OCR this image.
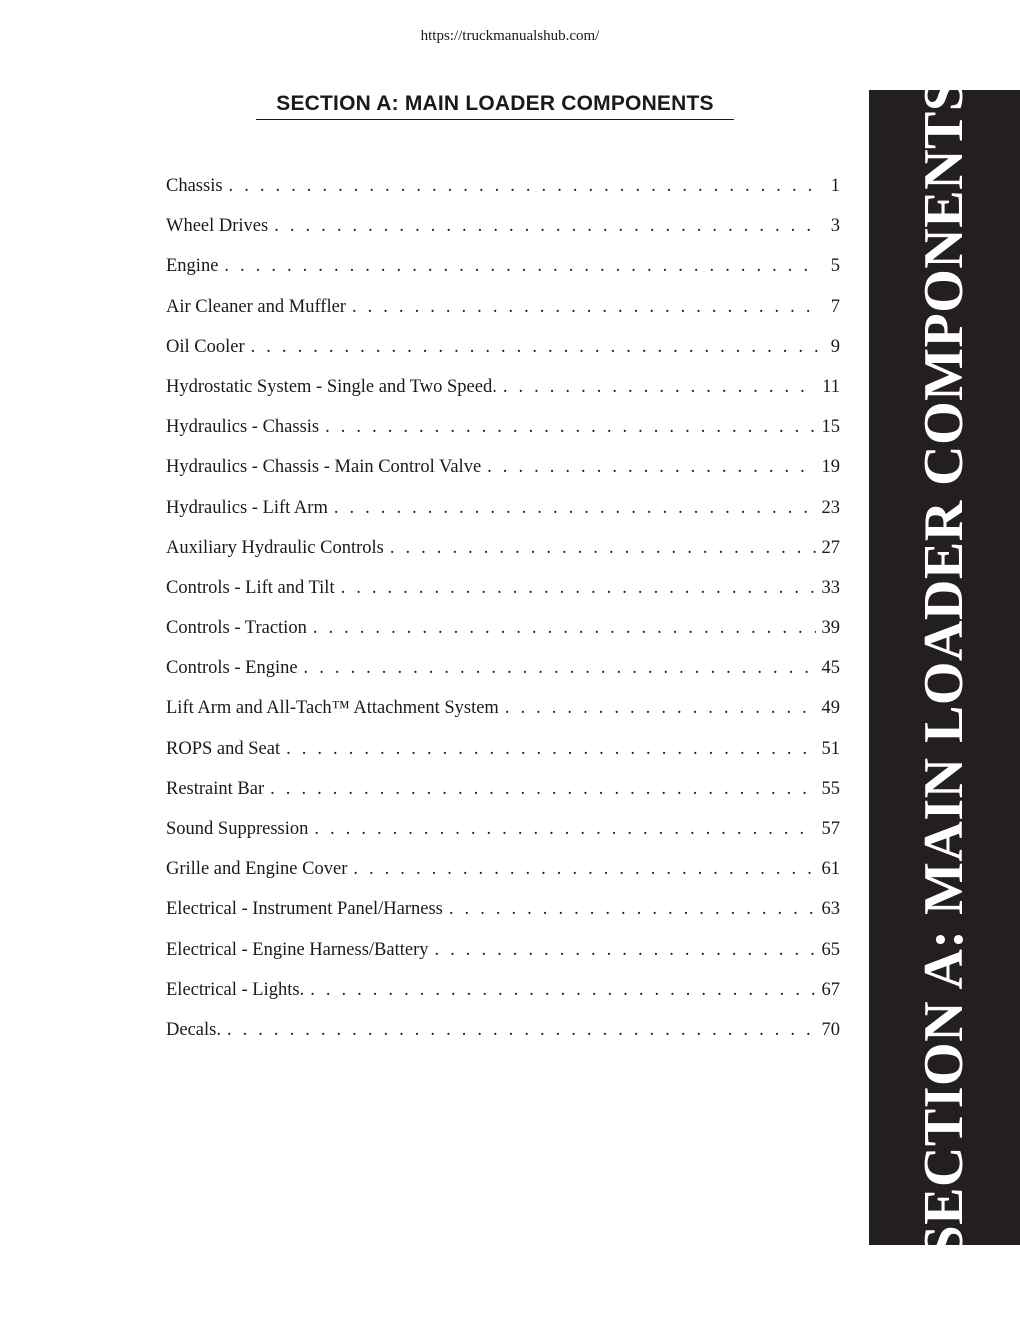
https://truckmanualshub.com/
SECTION A: MAIN LOADER COMPONENTS
Chassis . . .	1
Wheel Drives . . .	3
Engine . . .	5
Air Cleaner and Muffler . . .	7
Oil Cooler . . .	9
Hydrostatic System - Single and Two Speed. . . .	11
Hydraulics - Chassis . . .	15
Hydraulics - Chassis - Main Control Valve . . .	19
Hydraulics - Lift Arm . . .	23
Auxiliary Hydraulic Controls . . .	27
Controls - Lift and Tilt . . .	33
Controls - Traction . . .	39
Controls - Engine . . .	45
Lift Arm and All-Tach™ Attachment System . . .	49
ROPS and Seat . . .	51
Restraint Bar . . .	55
Sound Suppression . . .	57
Grille and Engine Cover . . .	61
Electrical - Instrument Panel/Harness . . .	63
Electrical - Engine Harness/Battery . . .	65
Electrical - Lights. . . .	67
Decals. . . .	70 SECTION A: MAIN LOADER COMPONENTS
